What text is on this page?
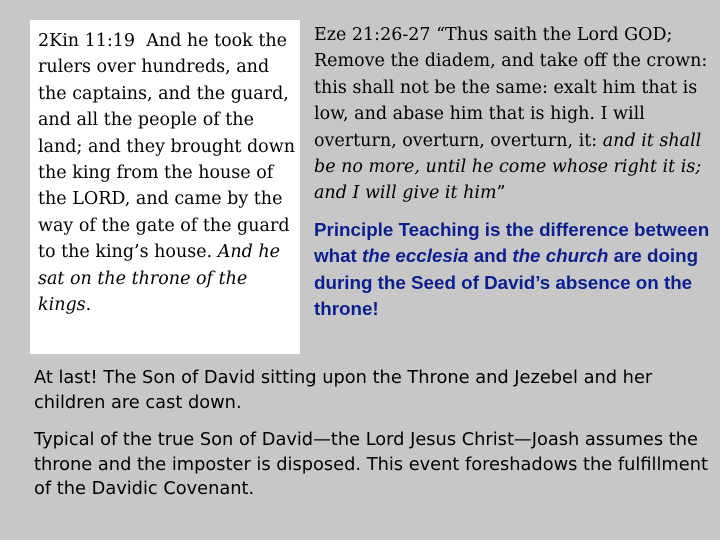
2Kin 11:19 And he took the rulers over hundreds, and the captains, and the guard, and all the people of the land; and they brought down the king from the house of the LORD, and came by the way of the gate of the guard to the king’s house. And he sat on the throne of the kings.
Eze 21:26-27 “Thus saith the Lord GOD; Remove the diadem, and take off the crown: this shall not be the same: exalt him that is low, and abase him that is high. I will overturn, overturn, overturn, it: and it shall be no more, until he come whose right it is; and I will give it him”
Principle Teaching is the difference between what the ecclesia and the church are doing during the Seed of David’s absence on the throne!
At last! The Son of David sitting upon the Throne and Jezebel and her children are cast down.
Typical of the true Son of David—the Lord Jesus Christ—Joash assumes the throne and the imposter is disposed. This event foreshadows the fulfillment of the Davidic Covenant.
